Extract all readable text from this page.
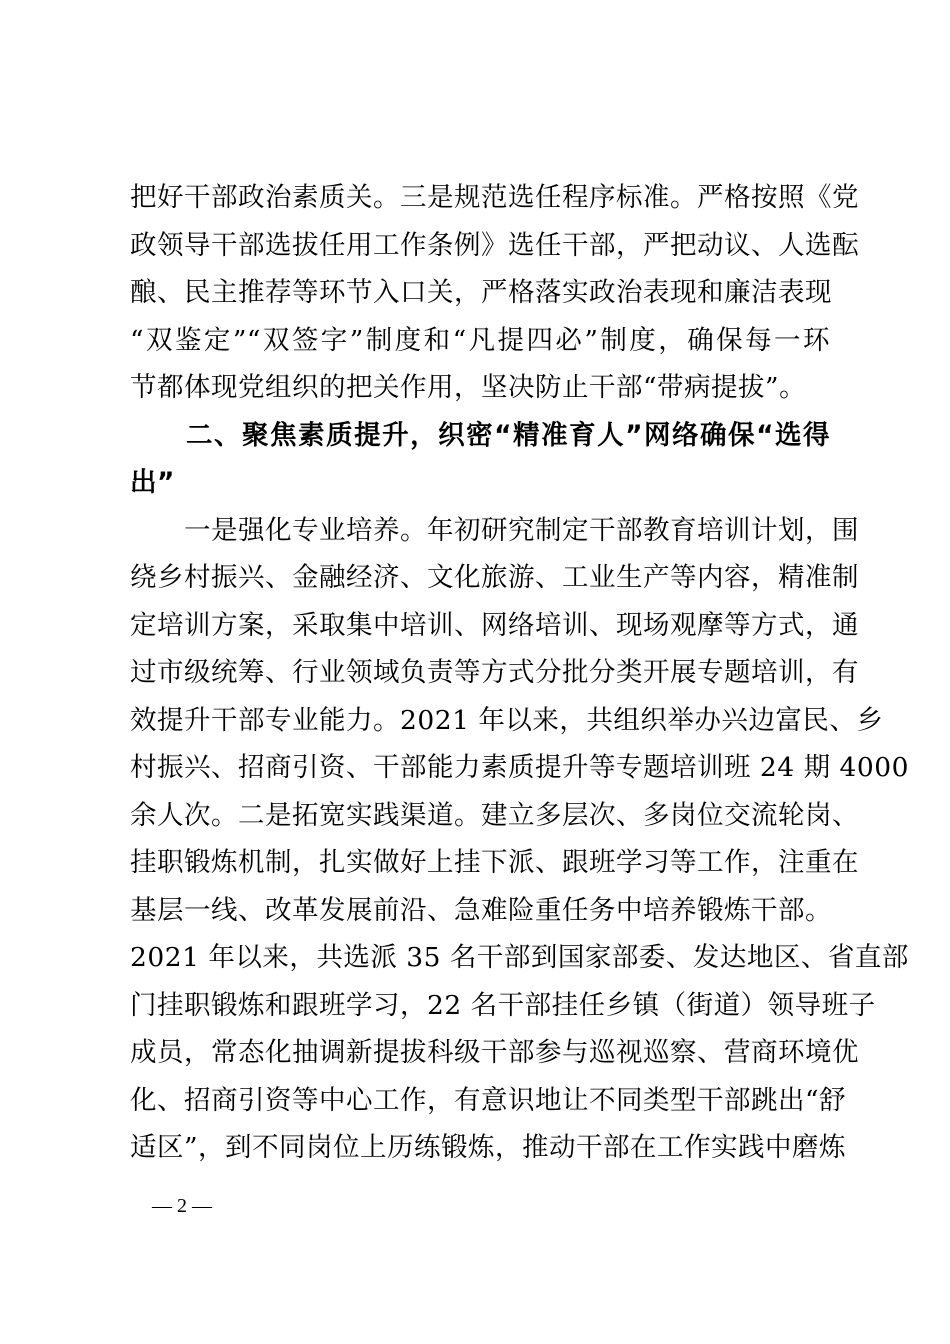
把好干部政治素质关。三是规范选任程序标准。严格按照《党
政领导干部选拔任用工作条例》选任干部，严把动议、人选酝
酿、民主推荐等环节入口关，严格落实政治表现和廉洁表现
“双鉴定”“双签字”制度和“凡提四必”制度，确保每一环
节都体现党组织的把关作用，坚决防止干部“带病提拔”。
　　二、聚焦素质提升，织密“精准育人”网络确保“选得
出”
　　一是强化专业培养。年初研究制定干部教育培训计划，围
绕乡村振兴、金融经济、文化旅游、工业生产等内容，精准制
定培训方案，采取集中培训、网络培训、现场观摩等方式，通
过市级统筹、行业领域负责等方式分批分类开展专题培训，有
效提升干部专业能力。2021 年以来，共组织举办兴边富民、乡
村振兴、招商引资、干部能力素质提升等专题培训班 24 期 4000
余人次。二是拓宽实践渠道。建立多层次、多岗位交流轮岗、
挂职锻炼机制，扎实做好上挂下派、跟班学习等工作，注重在
基层一线、改革发展前沿、急难险重任务中培养锻炼干部。
2021 年以来，共选派 35 名干部到国家部委、发达地区、省直部
门挂职锻炼和跟班学习，22 名干部挂任乡镇（街道）领导班子
成员，常态化抽调新提拔科级干部参与巡视巡察、营商环境优
化、招商引资等中心工作，有意识地让不同类型干部跳出“舒
适区”，到不同岗位上历练锻炼，推动干部在工作实践中磨炼
— 2 —
